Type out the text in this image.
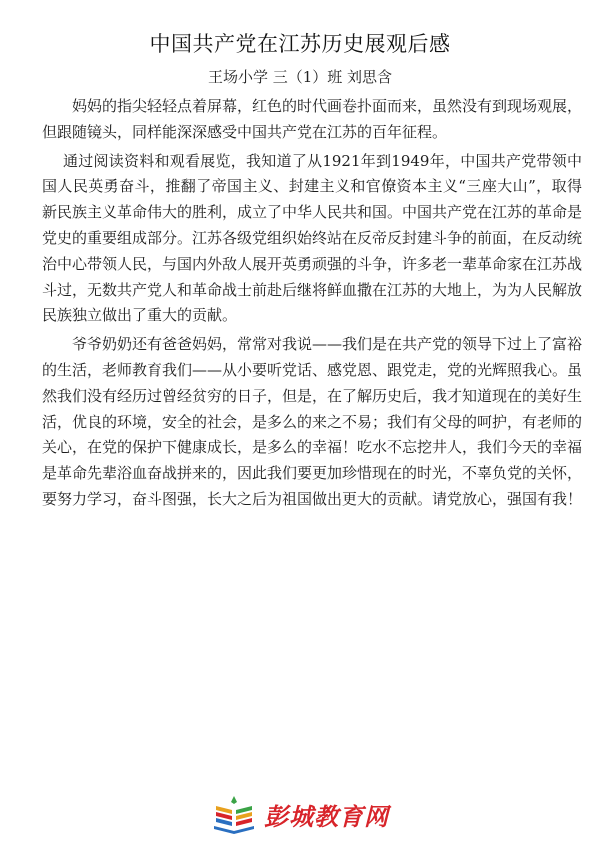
中国共产党在江苏历史展观后感
王场小学 三（1）班 刘思含

妈妈的指尖轻轻点着屏幕，红色的时代画卷扑面而来，虽然没有到现场观展，但跟随镜头，同样能深深感受中国共产党在江苏的百年征程。

通过阅读资料和观看展览，我知道了从1921年到1949年，中国共产党带领中国人民英勇奋斗，推翻了帝国主义、封建主义和官僚资本主义“三座大山”，取得新民族主义革命伟大的胜利，成立了中华人民共和国。中国共产党在江苏的革命是党史的重要组成部分。江苏各级党组织始终站在反帝反封建斗争的前面，在反动统治中心带领人民，与国内外敌人展开英勇顽强的斗争，许多老一辈革命家在江苏战斗过，无数共产党人和革命战士前赴后继将鲜血撒在江苏的大地上，为为人民解放民族独立做出了重大的贡献。

爷爷奶奶还有爸爸妈妈，常常对我说——我们是在共产党的领导下过上了富裕的生活，老师教育我们——从小要听党话、感党恩、跟党走，党的光辉照我心。虽然我们没有经历过曾经贫穷的日子，但是，在了解历史后，我才知道现在的美好生活，优良的环境，安全的社会，是多么的来之不易；我们有父母的呵护，有老师的关心，在党的保护下健康成长，是多么的幸福！吃水不忘挖井人，我们今天的幸福是革命先辈浴血奋战拼来的，因此我们要更加珍惜现在的时光，不辜负党的关怀，要努力学习，奋斗图强，长大之后为祖国做出更大的贡献。请党放心，强国有我！

彭城教育网
